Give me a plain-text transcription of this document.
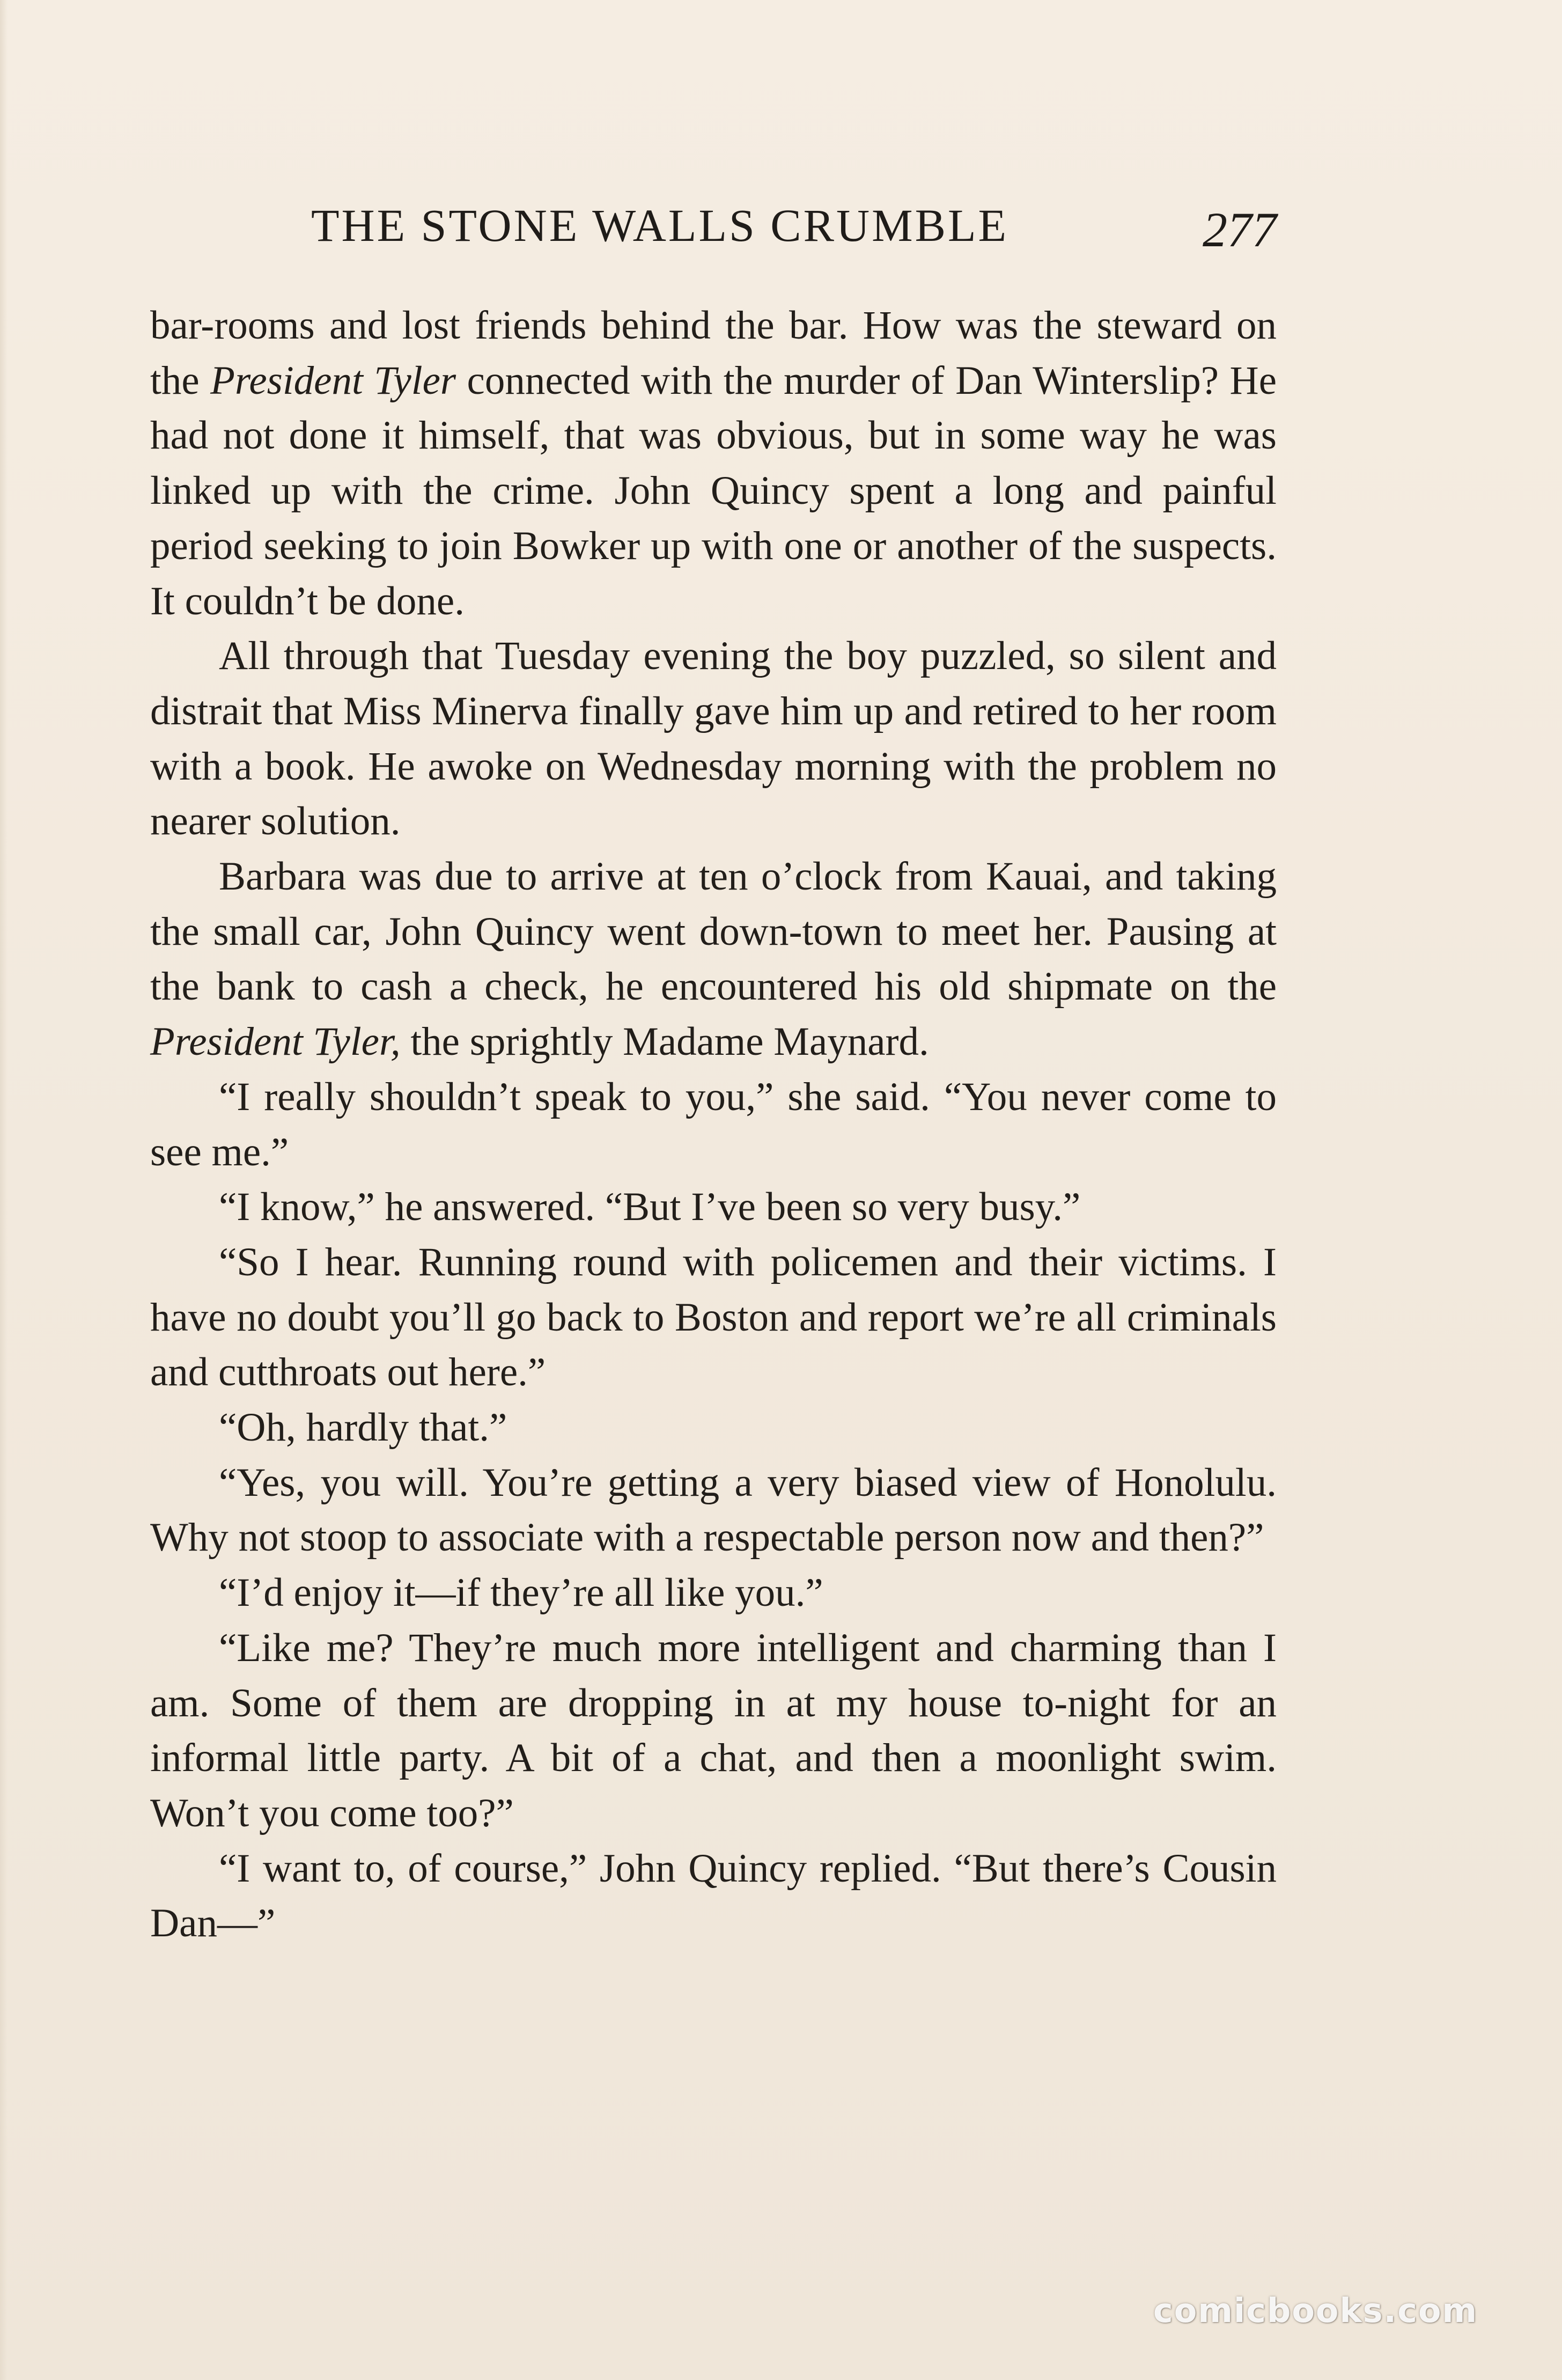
THE STONE WALLS CRUMBLE	277

bar-rooms and lost friends behind the bar. How was the steward on the President Tyler connected with the murder of Dan Winterslip? He had not done it himself, that was obvious, but in some way he was linked up with the crime. John Quincy spent a long and painful period seeking to join Bowker up with one or another of the suspects. It couldn’t be done.

All through that Tuesday evening the boy puzzled, so silent and distrait that Miss Minerva finally gave him up and retired to her room with a book. He awoke on Wednesday morning with the problem no nearer solution.

Barbara was due to arrive at ten o’clock from Kauai, and taking the small car, John Quincy went down-town to meet her. Pausing at the bank to cash a check, he encountered his old shipmate on the President Tyler, the sprightly Madame Maynard.

“I really shouldn’t speak to you,” she said. “You never come to see me.”

“I know,” he answered. “But I’ve been so very busy.”

“So I hear. Running round with policemen and their victims. I have no doubt you’ll go back to Boston and report we’re all criminals and cutthroats out here.”

“Oh, hardly that.”

“Yes, you will. You’re getting a very biased view of Honolulu. Why not stoop to associate with a respectable person now and then?”

“I’d enjoy it—if they’re all like you.”

“Like me? They’re much more intelligent and charming than I am. Some of them are dropping in at my house to-night for an informal little party. A bit of a chat, and then a moonlight swim. Won’t you come too?”

“I want to, of course,” John Quincy replied. “But there’s Cousin Dan—”

comicbooks.com
